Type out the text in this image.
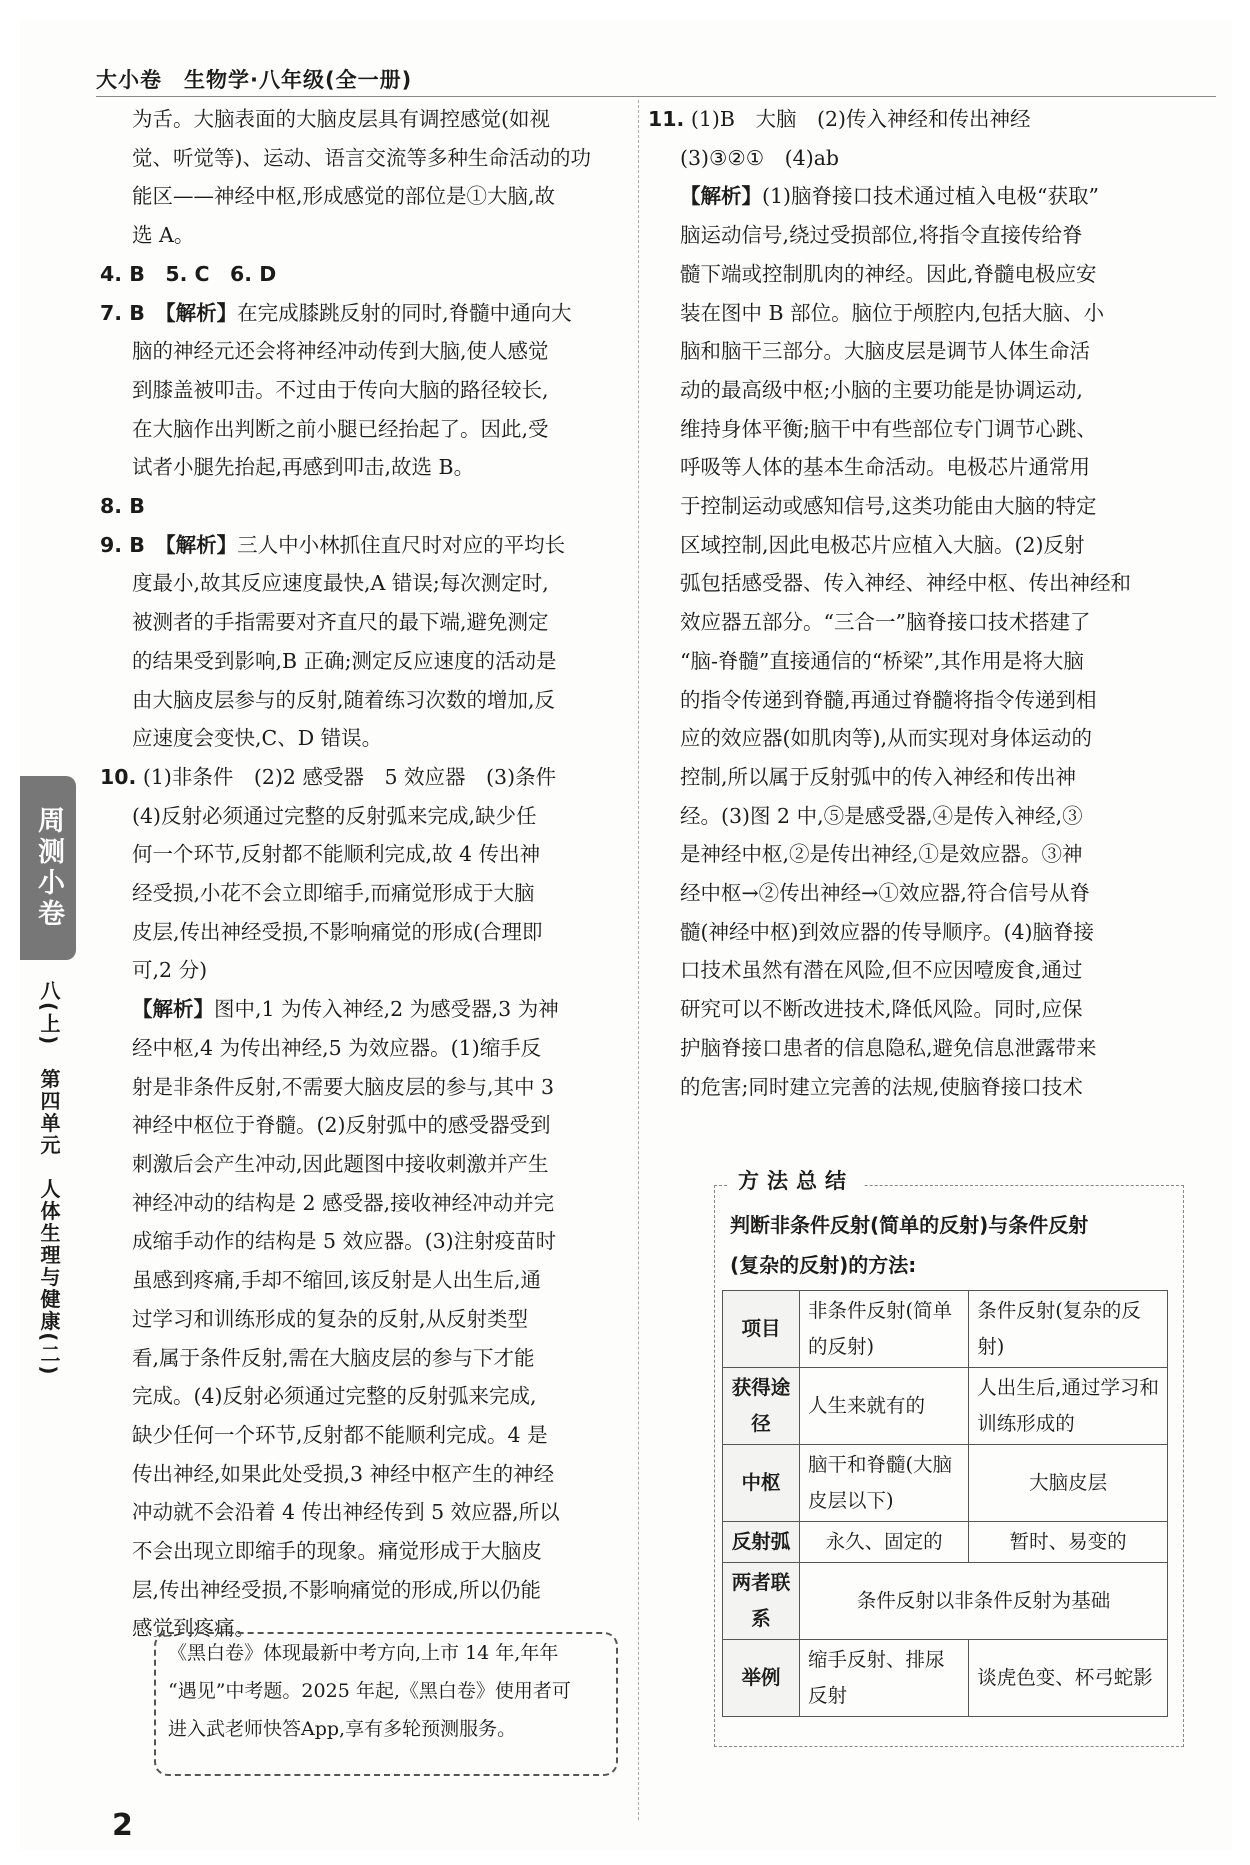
大小卷　生物学·八年级(全一册)
周测小卷
八(上)　第四单元　人体生理与健康(二)

为舌。大脑表面的大脑皮层具有调控感觉(如视

觉、听觉等)、运动、语言交流等多种生命活动的功

能区——神经中枢,形成感觉的部位是①大脑,故

选 A。

4. B　5. C　6. D

7. B　 【解析】在完成膝跳反射的同时,脊髓中通向大

脑的神经元还会将神经冲动传到大脑,使人感觉

到膝盖被叩击。不过由于传向大脑的路径较长,

在大脑作出判断之前小腿已经抬起了。因此,受

试者小腿先抬起,再感到叩击,故选 B。

8. B

9. B　 【解析】三人中小林抓住直尺时对应的平均长

度最小,故其反应速度最快,A 错误;每次测定时,

被测者的手指需要对齐直尺的最下端,避免测定

的结果受到影响,B 正确;测定反应速度的活动是

由大脑皮层参与的反射,随着练习次数的增加,反

应速度会变快,C、D 错误。

10. (1)非条件　(2)2 感受器　5 效应器　(3)条件

(4)反射必须通过完整的反射弧来完成,缺少任

何一个环节,反射都不能顺利完成,故 4 传出神

经受损,小花不会立即缩手,而痛觉形成于大脑

皮层,传出神经受损,不影响痛觉的形成(合理即

可,2 分)

【解析】图中,1 为传入神经,2 为感受器,3 为神

经中枢,4 为传出神经,5 为效应器。(1)缩手反

射是非条件反射,不需要大脑皮层的参与,其中 3

神经中枢位于脊髓。(2)反射弧中的感受器受到

刺激后会产生冲动,因此题图中接收刺激并产生

神经冲动的结构是 2 感受器,接收神经冲动并完

成缩手动作的结构是 5 效应器。(3)注射疫苗时

虽感到疼痛,手却不缩回,该反射是人出生后,通

过学习和训练形成的复杂的反射,从反射类型

看,属于条件反射,需在大脑皮层的参与下才能

完成。(4)反射必须通过完整的反射弧来完成,

缺少任何一个环节,反射都不能顺利完成。4 是

传出神经,如果此处受损,3 神经中枢产生的神经

冲动就不会沿着 4 传出神经传到 5 效应器,所以

不会出现立即缩手的现象。痛觉形成于大脑皮

层,传出神经受损,不影响痛觉的形成,所以仍能

感觉到疼痛。

《黑白卷》体现最新中考方向,上市 14 年,年年

“遇见”中考题。2025 年起,《黑白卷》使用者可

进入武老师快答App,享有多轮预测服务。

11. (1)B　大脑　(2)传入神经和传出神经

(3)③②①　(4)ab

【解析】(1)脑脊接口技术通过植入电极“获取”

脑运动信号,绕过受损部位,将指令直接传给脊

髓下端或控制肌肉的神经。因此,脊髓电极应安

装在图中 B 部位。脑位于颅腔内,包括大脑、小

脑和脑干三部分。大脑皮层是调节人体生命活

动的最高级中枢;小脑的主要功能是协调运动,

维持身体平衡;脑干中有些部位专门调节心跳、

呼吸等人体的基本生命活动。电极芯片通常用

于控制运动或感知信号,这类功能由大脑的特定

区域控制,因此电极芯片应植入大脑。(2)反射

弧包括感受器、传入神经、神经中枢、传出神经和

效应器五部分。“三合一”脑脊接口技术搭建了

“脑-脊髓”直接通信的“桥梁”,其作用是将大脑

的指令传递到脊髓,再通过脊髓将指令传递到相

应的效应器(如肌肉等),从而实现对身体运动的

控制,所以属于反射弧中的传入神经和传出神

经。(3)图 2 中,⑤是感受器,④是传入神经,③

是神经中枢,②是传出神经,①是效应器。③神

经中枢→②传出神经→①效应器,符合信号从脊

髓(神经中枢)到效应器的传导顺序。(4)脑脊接

口技术虽然有潜在风险,但不应因噎废食,通过

研究可以不断改进技术,降低风险。同时,应保

护脑脊接口患者的信息隐私,避免信息泄露带来

的危害;同时建立完善的法规,使脑脊接口技术

方法总结
判断非条件反射(简单的反射)与条件反射
(复杂的反射)的方法:
项目	非条件反射(简单的反射)	条件反射(复杂的反射)
获得途径	人生来就有的	人出生后,通过学习和训练形成的
中枢	脑干和脊髓(大脑皮层以下)	大脑皮层
反射弧	永久、固定的	暂时、易变的
两者联系	条件反射以非条件反射为基础	
举例	缩手反射、排尿反射	谈虎色变、杯弓蛇影
2
